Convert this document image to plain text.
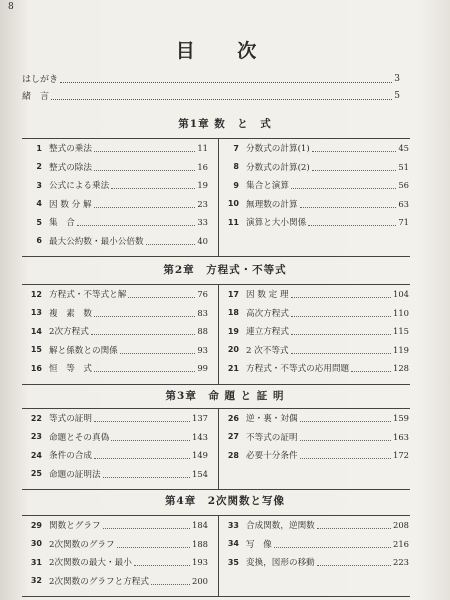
8
目 次
はしがき	3
緒　言	5
第1章 数　と　式
1 整式の乗法	11
2 整式の除法	16
3 公式による乗法	19
4 因 数 分 解	23
5 集　合	33
6 最大公約数・最小公倍数	40
7 分数式の計算(1)	45
8 分数式の計算(2)	51
9 集合と演算	56
10 無理数の計算	63
11 演算と大小関係	71
第2章　方程式・不等式
12 方程式・不等式と解	76
13 複　素　数	83
14 2次方程式	88
15 解と係数との関係	93
16 恒　等　式	99
17 因 数 定 理	104
18 高次方程式	110
19 連立方程式	115
20 2 次不等式	119
21 方程式・不等式の応用問題	128
第3章　命 題 と 証 明
22 等式の証明	137
23 命題とその真偽	143
24 条件の合成	149
25 命題の証明法	154
26 逆・裏・対偶	159
27 不等式の証明	163
28 必要十分条件	172
第4章　2次関数と写像
29 関数とグラフ	184
30 2次関数のグラフ	188
31 2次関数の最大・最小	193
32 2次関数のグラフと方程式	200
33 合成関数，逆関数	208
34 写　像	216
35 変換，図形の移動	223
